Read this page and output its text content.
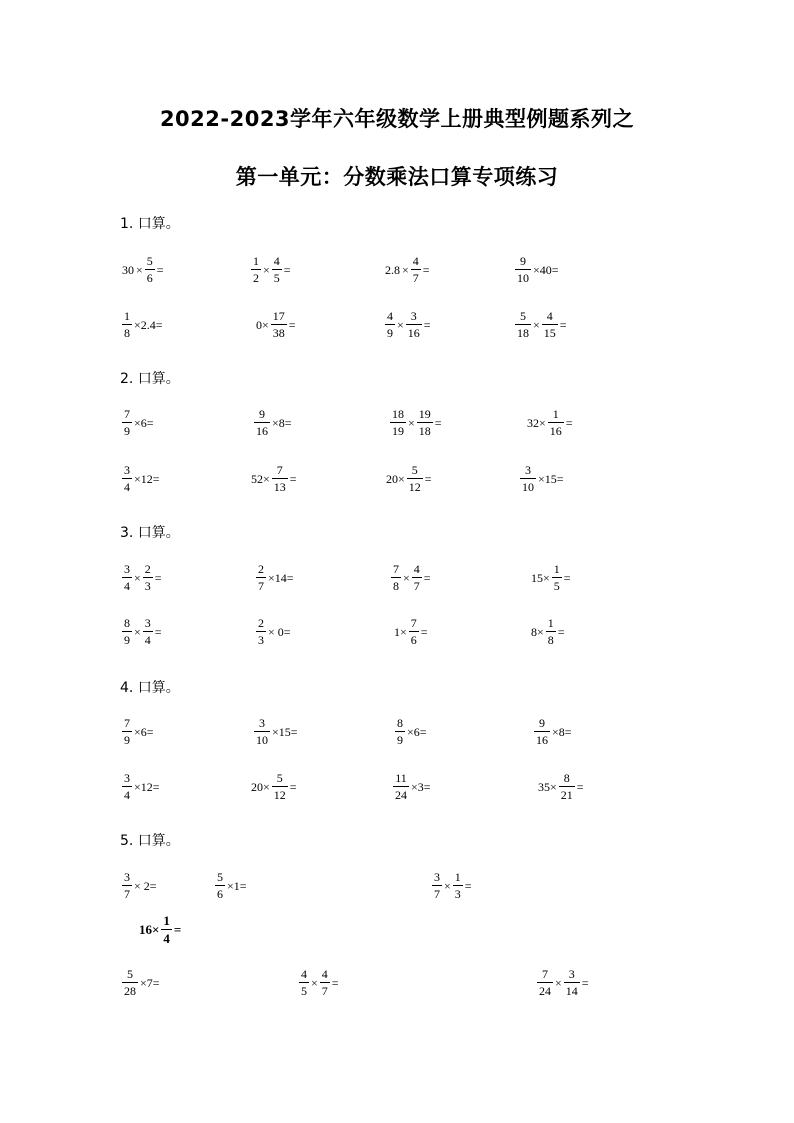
2022-2023学年六年级数学上册典型例题系列之
第一单元：分数乘法口算专项练习
1. 口算。
2. 口算。
3. 口算。
4. 口算。
5. 口算。
$30 \times \frac{5}{6}$ =	$\frac{1}{2} \times \frac{4}{5}$ =	$2.8 \times \frac{4}{7}$ =	$\frac{9}{10} \times 40=$
$\frac{1}{8} \times 2.4=$	$0\times \frac{17}{38}$ =	$\frac{4}{9} \times \frac{3}{16}$ =	$\frac{5}{18} \times \frac{4}{15}$ =
$\frac{7}{9} \times 6=$	$\frac{9}{16} \times 8=$	$\frac{18}{19} \times \frac{19}{18}$ =	$32\times \frac{1}{16}$ =
$\frac{3}{4} \times 12=$	$52\times \frac{7}{13}$ =	$20\times \frac{5}{12}$ =	$\frac{3}{10} \times 15=$
$\frac{3}{4} \times \frac{2}{3}$ =	$\frac{2}{7} \times 14=$	$\frac{7}{8} \times \frac{4}{7}$ =	$15\times \frac{1}{5}$ =
$\frac{8}{9} \times \frac{3}{4}$ =	$\frac{2}{3} \times 0=$	$1\times \frac{7}{6}$ =	$8\times \frac{1}{8}$ =
$\frac{7}{9} \times 6=$	$\frac{3}{10} \times 15=$	$\frac{8}{9} \times 6=$	$\frac{9}{16} \times 8=$
$\frac{3}{4} \times 12=$	$20\times \frac{5}{12}$ =	$\frac{11}{24} \times 3=$	$35\times \frac{8}{21}$ =
$\frac{3}{7} \times 2=$	$\frac{5}{6} \times 1=$	$\frac{3}{7} \times \frac{1}{3}$ =
$16\times \frac{1}{4}$ =
$\frac{5}{28} \times 7=$	$\frac{4}{5} \times \frac{4}{7}$ =	$\frac{7}{24} \times \frac{3}{14}$ =
